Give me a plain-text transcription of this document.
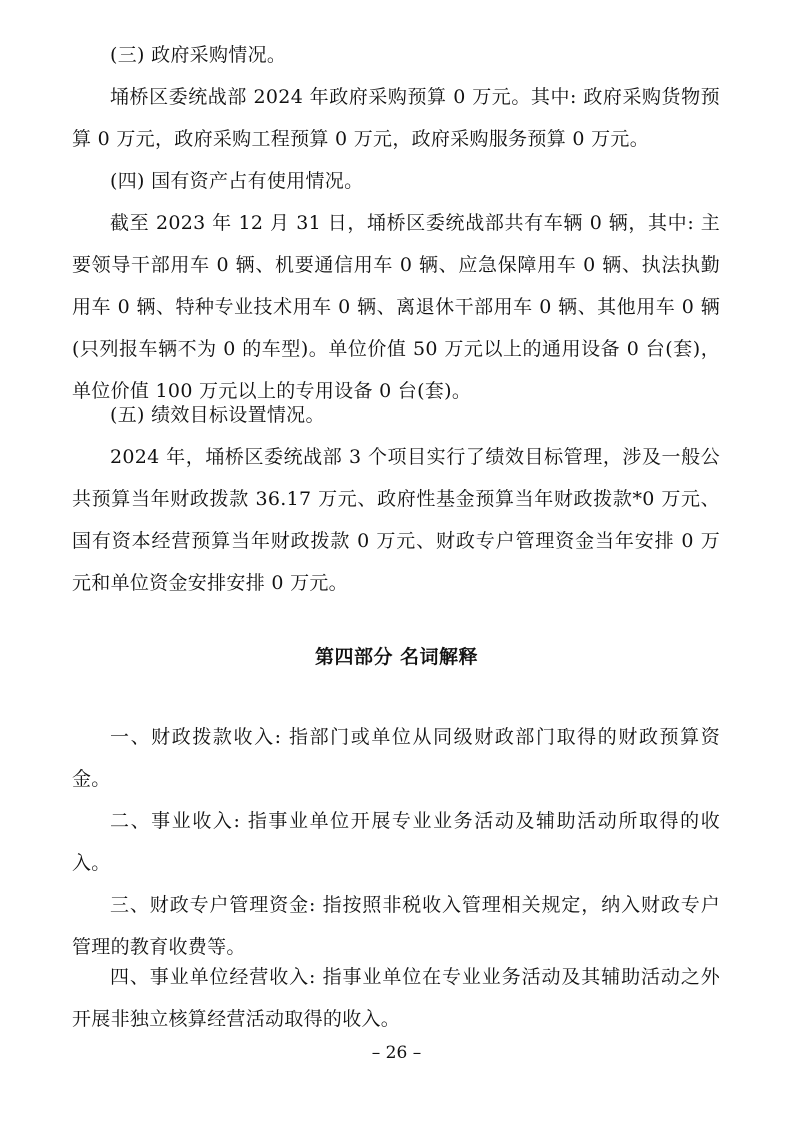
(三) 政府采购情况。

埇桥区委统战部 2024 年政府采购预算 0 万元。其中: 政府采购货物预算 0 万元，政府采购工程预算 0 万元，政府采购服务预算 0 万元。

(四) 国有资产占有使用情况。

截至 2023 年 12 月 31 日，埇桥区委统战部共有车辆 0 辆，其中: 主要领导干部用车 0 辆、机要通信用车 0 辆、应急保障用车 0 辆、执法执勤用车 0 辆、特种专业技术用车 0 辆、离退休干部用车 0 辆、其他用车 0 辆(只列报车辆不为 0 的车型)。单位价值 50 万元以上的通用设备 0 台(套)，单位价值 100 万元以上的专用设备 0 台(套)。

(五) 绩效目标设置情况。

2024 年，埇桥区委统战部 3 个项目实行了绩效目标管理，涉及一般公共预算当年财政拨款 36.17 万元、政府性基金预算当年财政拨款*0 万元、国有资本经营预算当年财政拨款 0 万元、财政专户管理资金当年安排 0 万元和单位资金安排安排 0 万元。

第四部分 名词解释

一、财政拨款收入: 指部门或单位从同级财政部门取得的财政预算资金。

二、事业收入: 指事业单位开展专业业务活动及辅助活动所取得的收入。

三、财政专户管理资金: 指按照非税收入管理相关规定，纳入财政专户管理的教育收费等。

四、事业单位经营收入: 指事业单位在专业业务活动及其辅助活动之外开展非独立核算经营活动取得的收入。

– 26 –
